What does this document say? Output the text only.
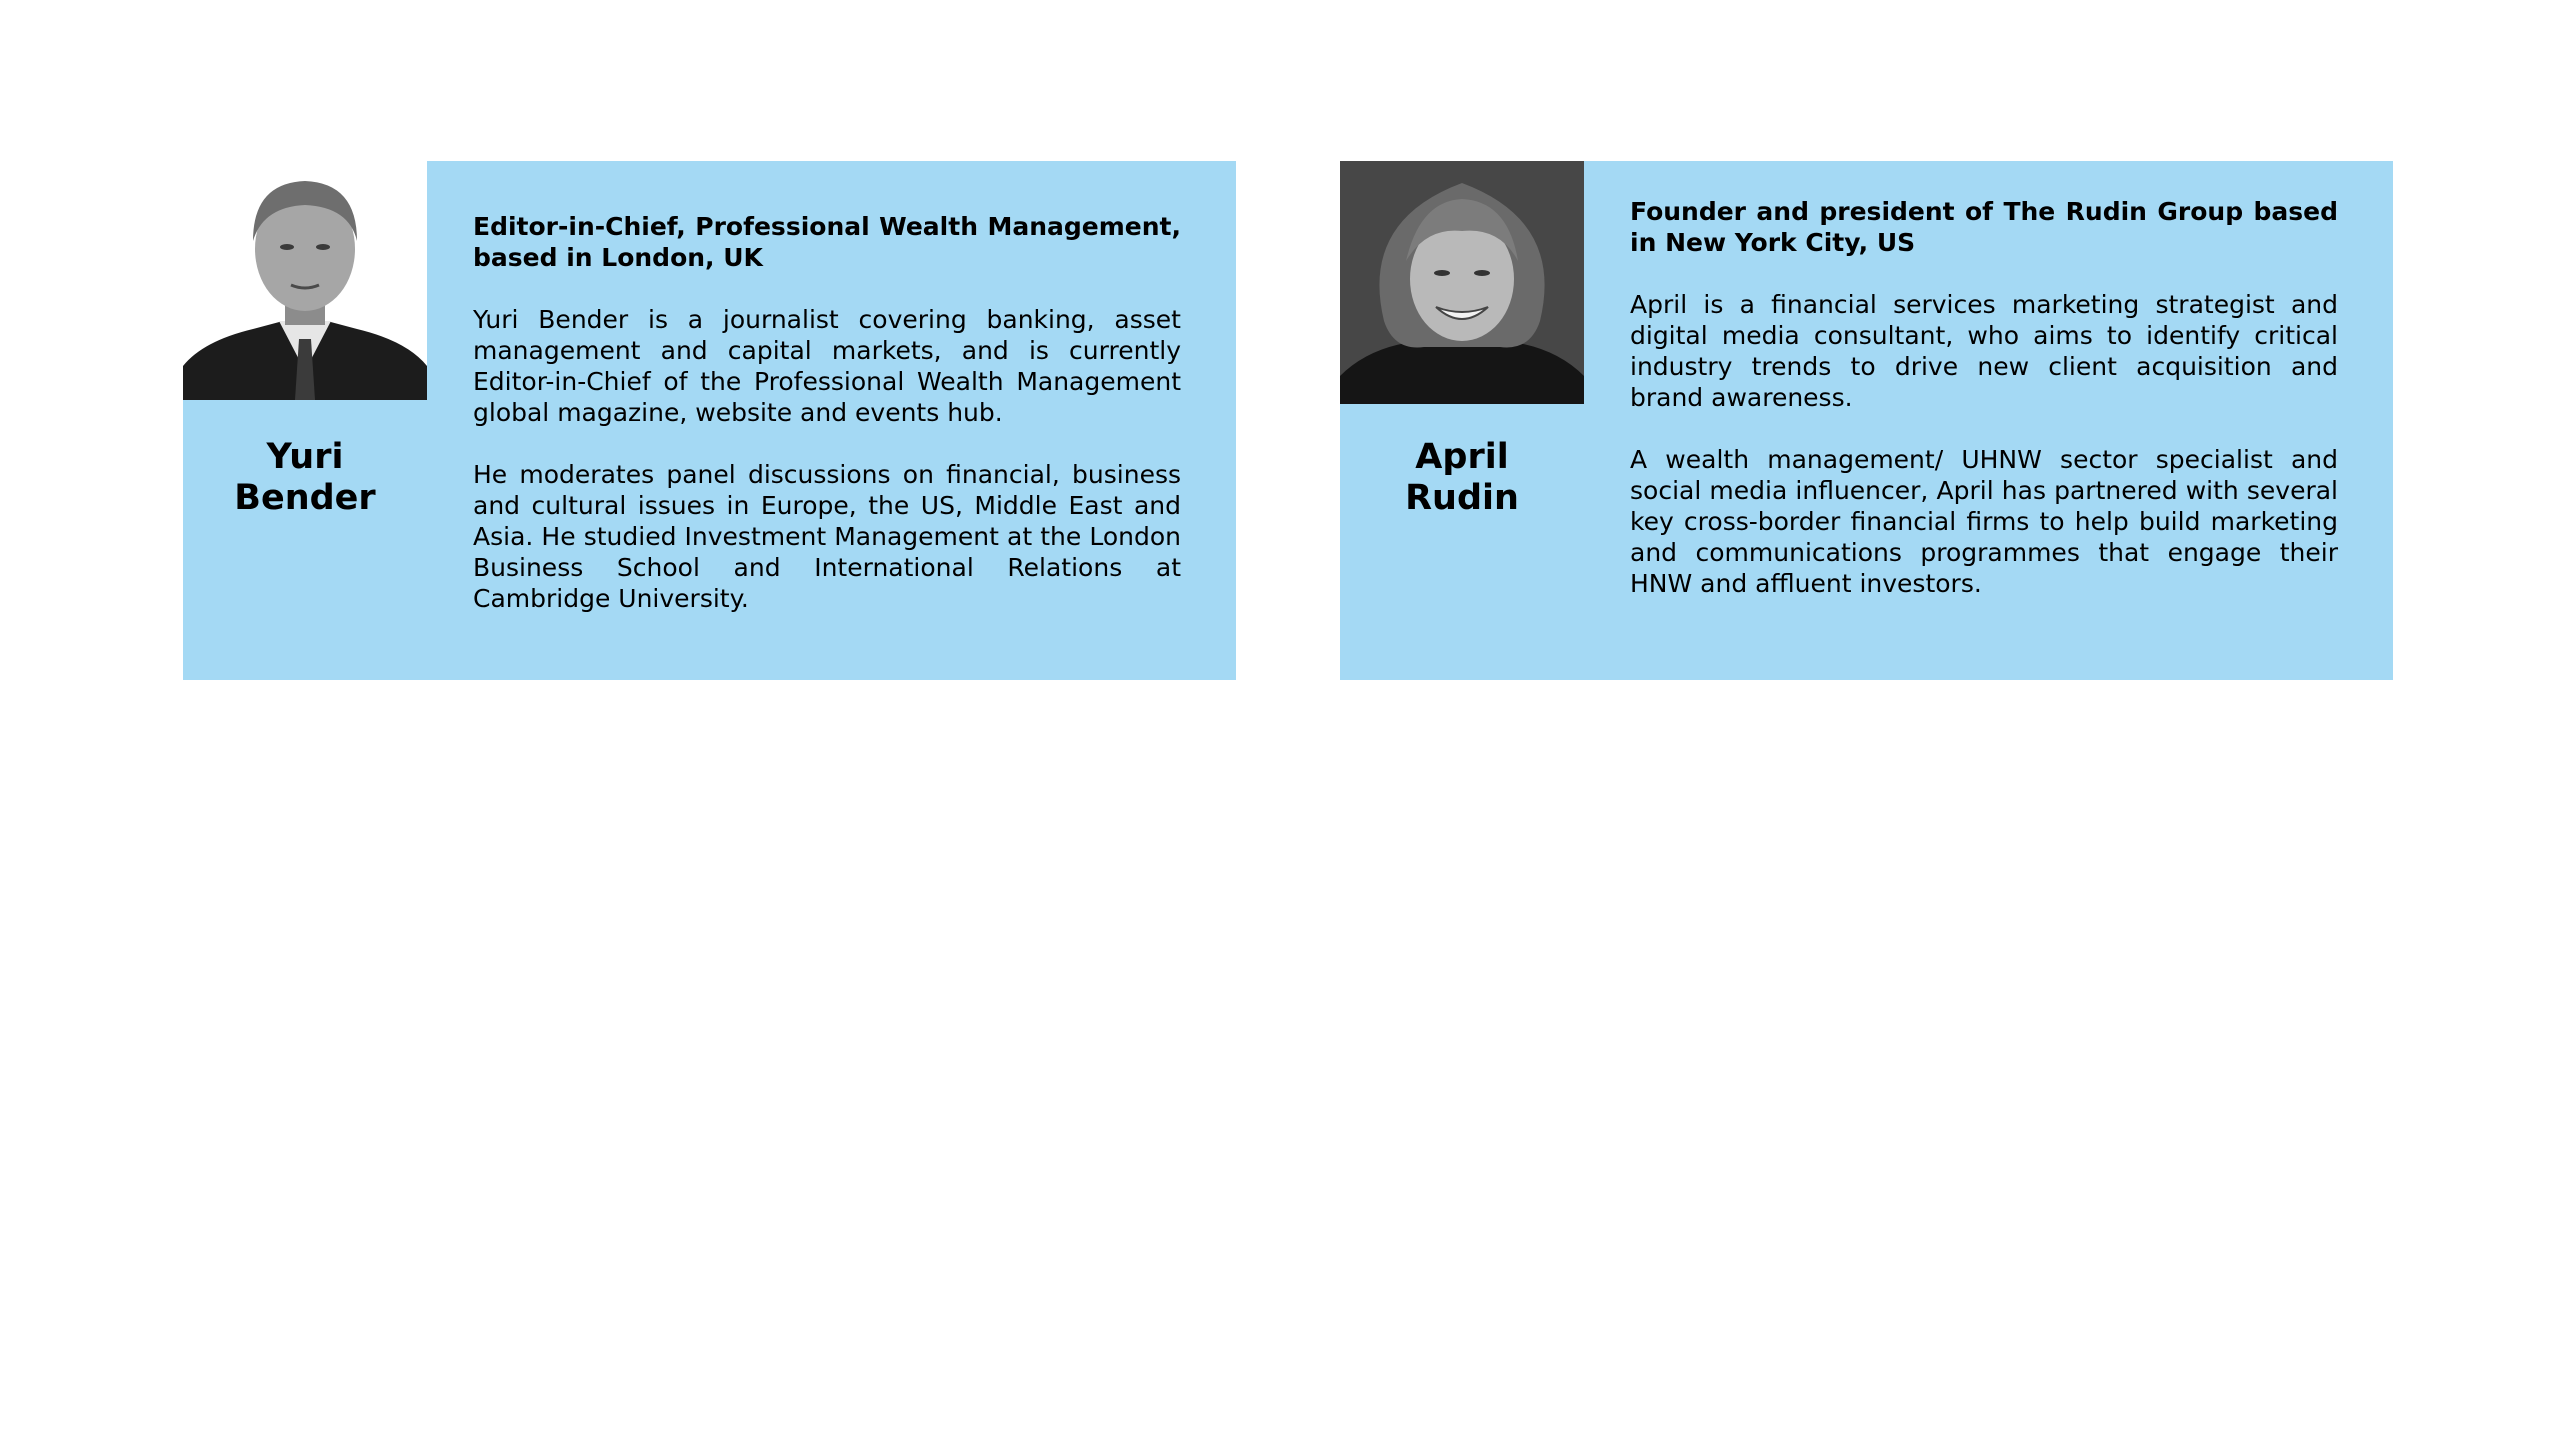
Yuri
Bender

Editor-in-Chief, Professional Wealth Management, based in London, UK

Yuri Bender is a journalist covering banking, asset management and capital markets, and is currently Editor-in-Chief of the Professional Wealth Management global magazine, website and events hub.

He moderates panel discussions on financial, business and cultural issues in Europe, the US, Middle East and Asia. He studied Investment Management at the London Business School and International Relations at Cambridge University.

April
Rudin

Founder and president of The Rudin Group based in New York City, US

April is a financial services marketing strategist and digital media consultant, who aims to identify critical industry trends to drive new client acquisition and brand awareness.

A wealth management/ UHNW sector specialist and social media influencer, April has partnered with several key cross-border financial firms to help build marketing and communications programmes that engage their HNW and affluent investors.
